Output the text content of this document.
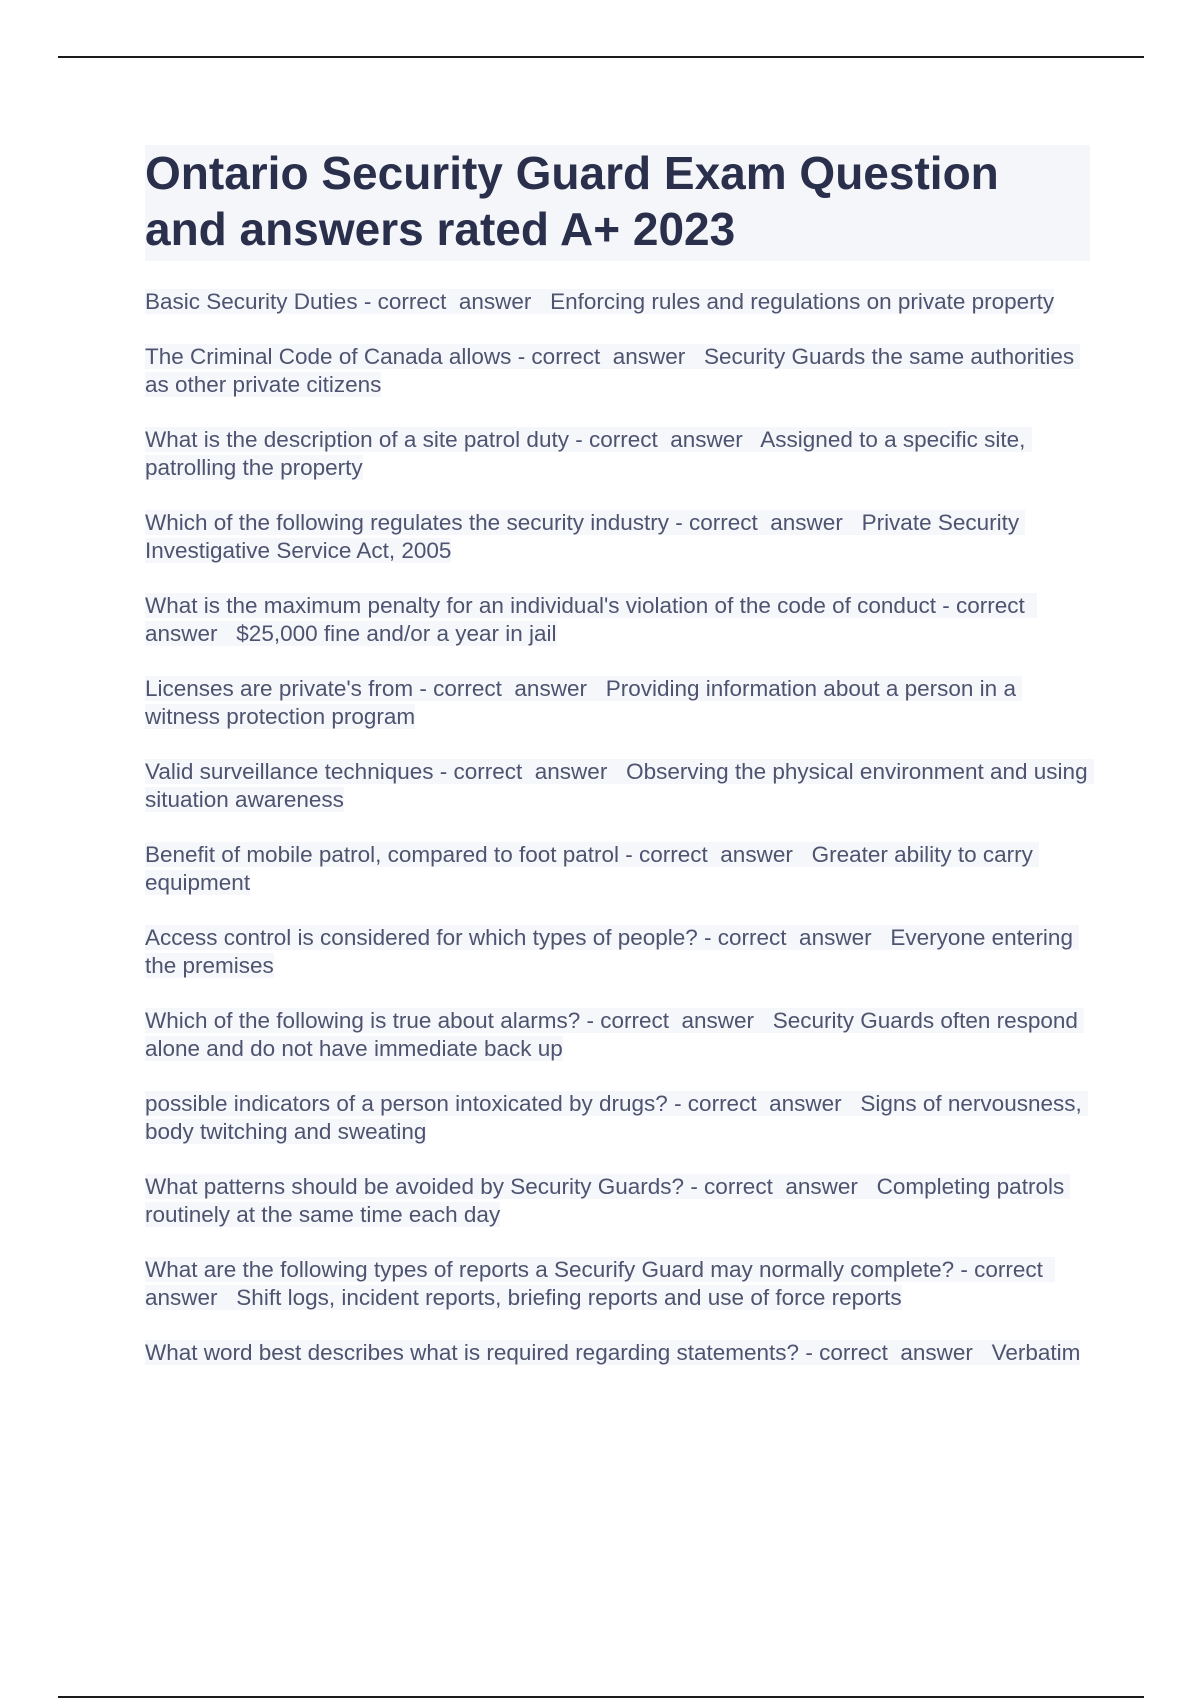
Ontario Security Guard Exam Question and answers rated A+ 2023

Basic Security Duties - correct  answer   Enforcing rules and regulations on private property

The Criminal Code of Canada allows - correct  answer   Security Guards the same authorities as other private citizens

What is the description of a site patrol duty - correct  answer   Assigned to a specific site, patrolling the property

Which of the following regulates the security industry - correct  answer   Private Security Investigative Service Act, 2005

What is the maximum penalty for an individual's violation of the code of conduct - correct  answer   $25,000 fine and/or a year in jail

Licenses are private's from - correct  answer   Providing information about a person in a witness protection program

Valid surveillance techniques - correct  answer   Observing the physical environment and using situation awareness

Benefit of mobile patrol, compared to foot patrol - correct  answer   Greater ability to carry equipment

Access control is considered for which types of people? - correct  answer   Everyone entering the premises

Which of the following is true about alarms? - correct  answer   Security Guards often respond alone and do not have immediate back up

possible indicators of a person intoxicated by drugs? - correct  answer   Signs of nervousness, body twitching and sweating

What patterns should be avoided by Security Guards? - correct  answer   Completing patrols routinely at the same time each day

What are the following types of reports a Securify Guard may normally complete? - correct  answer   Shift logs, incident reports, briefing reports and use of force reports

What word best describes what is required regarding statements? - correct  answer   Verbatim
